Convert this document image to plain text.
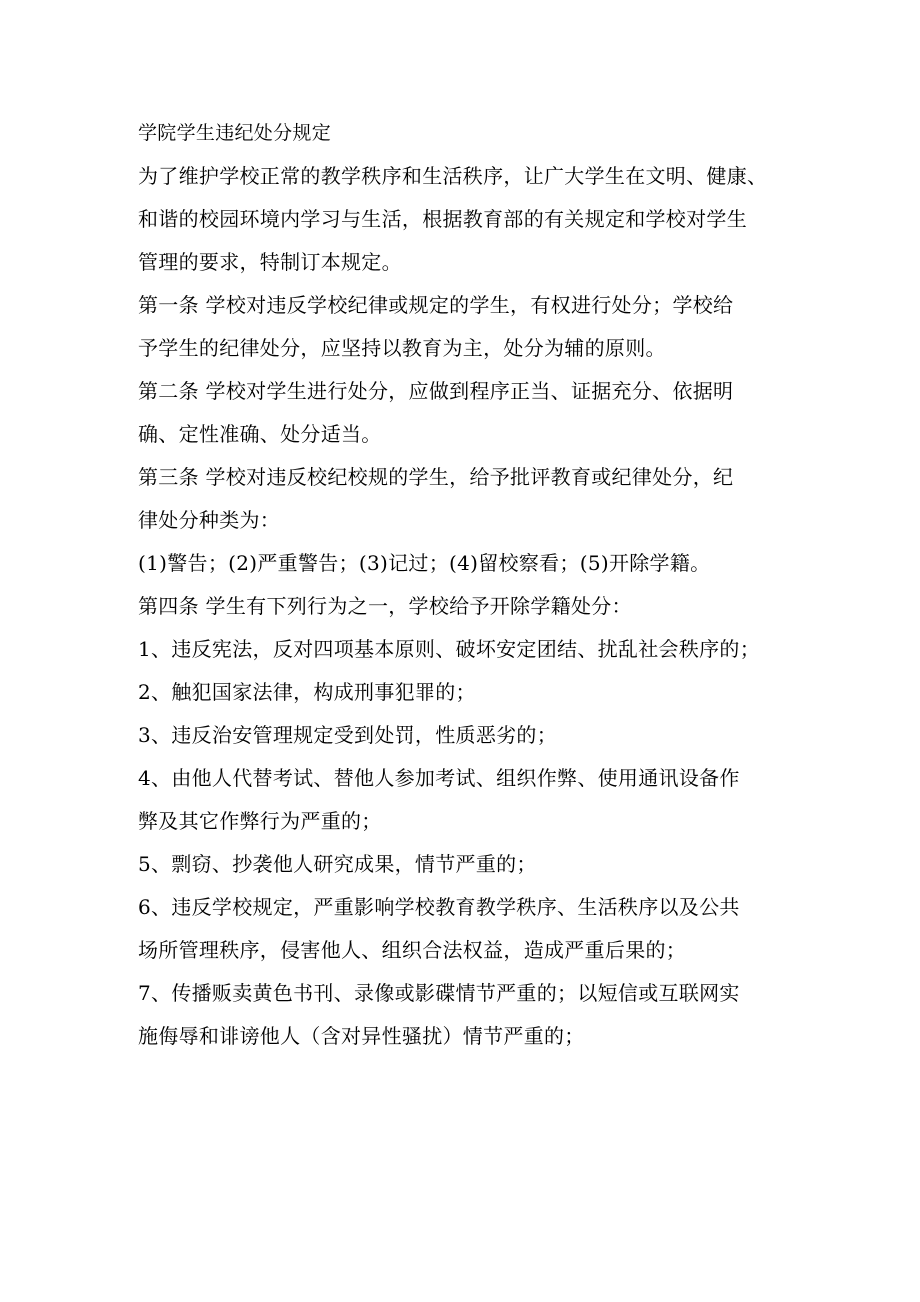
学院学生违纪处分规定
为了维护学校正常的教学秩序和生活秩序，让广大学生在文明、健康、
和谐的校园环境内学习与生活，根据教育部的有关规定和学校对学生
管理的要求，特制订本规定。
第一条 学校对违反学校纪律或规定的学生，有权进行处分；学校给
予学生的纪律处分，应坚持以教育为主，处分为辅的原则。
第二条 学校对学生进行处分，应做到程序正当、证据充分、依据明
确、定性准确、处分适当。
第三条 学校对违反校纪校规的学生，给予批评教育或纪律处分，纪
律处分种类为：
(1)警告；(2)严重警告；(3)记过；(4)留校察看；(5)开除学籍。
第四条 学生有下列行为之一，学校给予开除学籍处分：
1、违反宪法，反对四项基本原则、破坏安定团结、扰乱社会秩序的；
2、触犯国家法律，构成刑事犯罪的；
3、违反治安管理规定受到处罚，性质恶劣的；
4、由他人代替考试、替他人参加考试、组织作弊、使用通讯设备作
弊及其它作弊行为严重的；
5、剽窃、抄袭他人研究成果，情节严重的；
6、违反学校规定，严重影响学校教育教学秩序、生活秩序以及公共
场所管理秩序，侵害他人、组织合法权益，造成严重后果的；
7、传播贩卖黄色书刊、录像或影碟情节严重的；以短信或互联网实
施侮辱和诽谤他人（含对异性骚扰）情节严重的；
